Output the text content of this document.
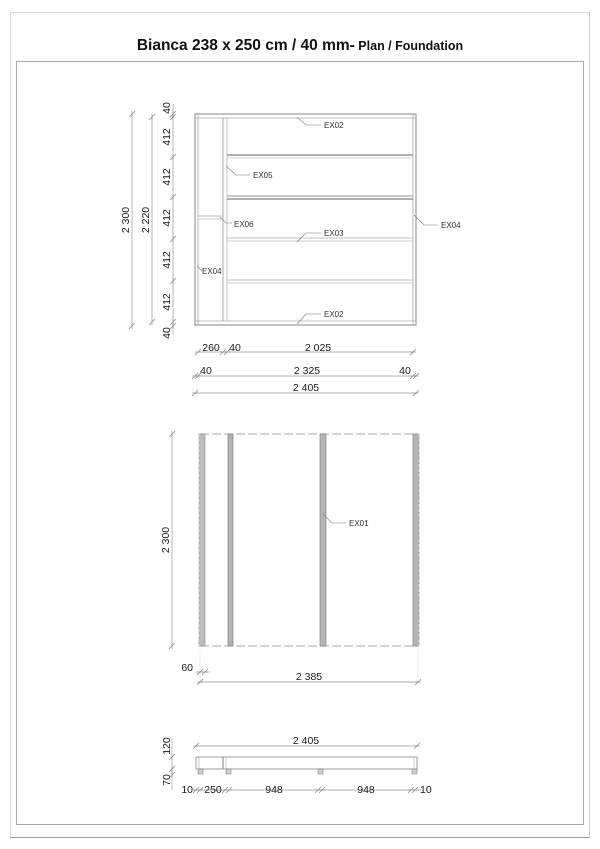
Bianca 238 x 250 cm / 40 mm- Plan / Foundation
EX02
EX05
EX06
EX03
EX04
EX04
EX02
2 300 2 220
40
412
412
412
412
412
40
260 40	2 025
40	2 325	40
2 405
EX01
2 300
60
2 385
2 405
120
70
10 250	948	948	10
